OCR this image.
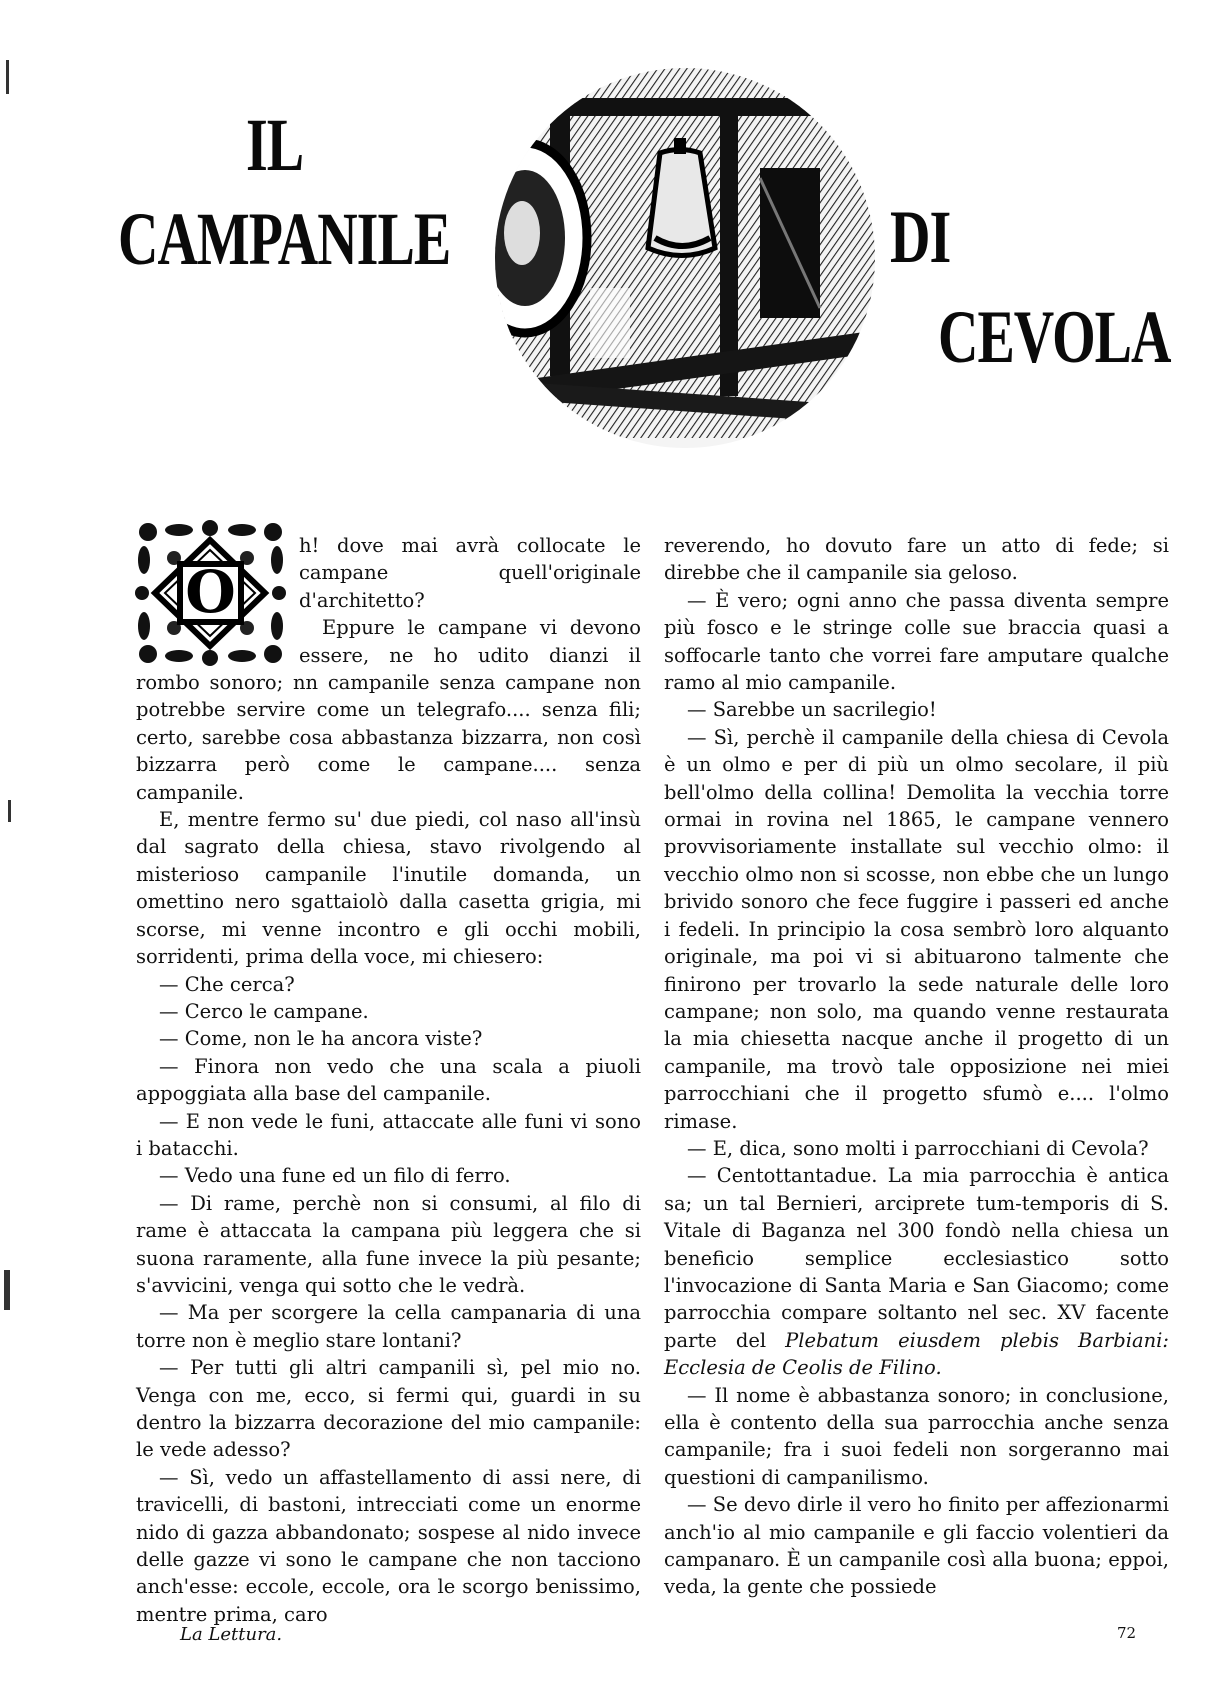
IL
CAMPANILE	DI
CEVOLA
O

h! dove mai avrà collocate le campane quell'originale d'architetto?

Eppure le campane vi devono essere, ne ho udito dianzi il rombo sonoro; nn campanile senza campane non potrebbe servire come un telegrafo.... senza fili; certo, sarebbe cosa abbastanza bizzarra, non così bizzarra però come le campane.... senza campanile.

E, mentre fermo su' due piedi, col naso all'insù dal sagrato della chiesa, stavo rivolgendo al misterioso campanile l'inutile domanda, un omettino nero sgattaiolò dalla casetta grigia, mi scorse, mi venne incontro e gli occhi mobili, sorridenti, prima della voce, mi chiesero:

— Che cerca?

— Cerco le campane.

— Come, non le ha ancora viste?

— Finora non vedo che una scala a piuoli appoggiata alla base del campanile.

— E non vede le funi, attaccate alle funi vi sono i batacchi.

— Vedo una fune ed un filo di ferro.

— Di rame, perchè non si consumi, al filo di rame è attaccata la campana più leggera che si suona raramente, alla fune invece la più pesante; s'avvicini, venga qui sotto che le vedrà.

— Ma per scorgere la cella campanaria di una torre non è meglio stare lontani?

— Per tutti gli altri campanili sì, pel mio no. Venga con me, ecco, si fermi qui, guardi in su dentro la bizzarra decorazione del mio campanile: le vede adesso?

— Sì, vedo un affastellamento di assi nere, di travicelli, di bastoni, intrecciati come un enorme nido di gazza abbandonato; sospese al nido invece delle gazze vi sono le campane che non tacciono anch'esse: eccole, eccole, ora le scorgo benissimo, mentre prima, caro

reverendo, ho dovuto fare un atto di fede; si direbbe che il campanile sia geloso.

— È vero; ogni anno che passa diventa sempre più fosco e le stringe colle sue braccia quasi a soffocarle tanto che vorrei fare amputare qualche ramo al mio campanile.

— Sarebbe un sacrilegio!

— Sì, perchè il campanile della chiesa di Cevola è un olmo e per di più un olmo secolare, il più bell'olmo della collina! Demolita la vecchia torre ormai in rovina nel 1865, le campane vennero provvisoriamente installate sul vecchio olmo: il vecchio olmo non si scosse, non ebbe che un lungo brivido sonoro che fece fuggire i passeri ed anche i fedeli. In principio la cosa sembrò loro alquanto originale, ma poi vi si abituarono talmente che finirono per trovarlo la sede naturale delle loro campane; non solo, ma quando venne restaurata la mia chiesetta nacque anche il progetto di un campanile, ma trovò tale opposizione nei miei parrocchiani che il progetto sfumò e.... l'olmo rimase.

— E, dica, sono molti i parrocchiani di Cevola?

— Centottantadue. La mia parrocchia è antica sa; un tal Bernieri, arciprete tum-temporis di S. Vitale di Baganza nel 300 fondò nella chiesa un beneficio semplice ecclesiastico sotto l'invocazione di Santa Maria e San Giacomo; come parrocchia compare soltanto nel sec. XV facente parte del Plebatum eiusdem plebis Barbiani: Ecclesia de Ceolis de Filino.

— Il nome è abbastanza sonoro; in conclusione, ella è contento della sua parrocchia anche senza campanile; fra i suoi fedeli non sorgeranno mai questioni di campanilismo.

— Se devo dirle il vero ho finito per affezionarmi anch'io al mio campanile e gli faccio volentieri da campanaro. È un campanile così alla buona; eppoi, veda, la gente che possiede

La Lettura.	72
